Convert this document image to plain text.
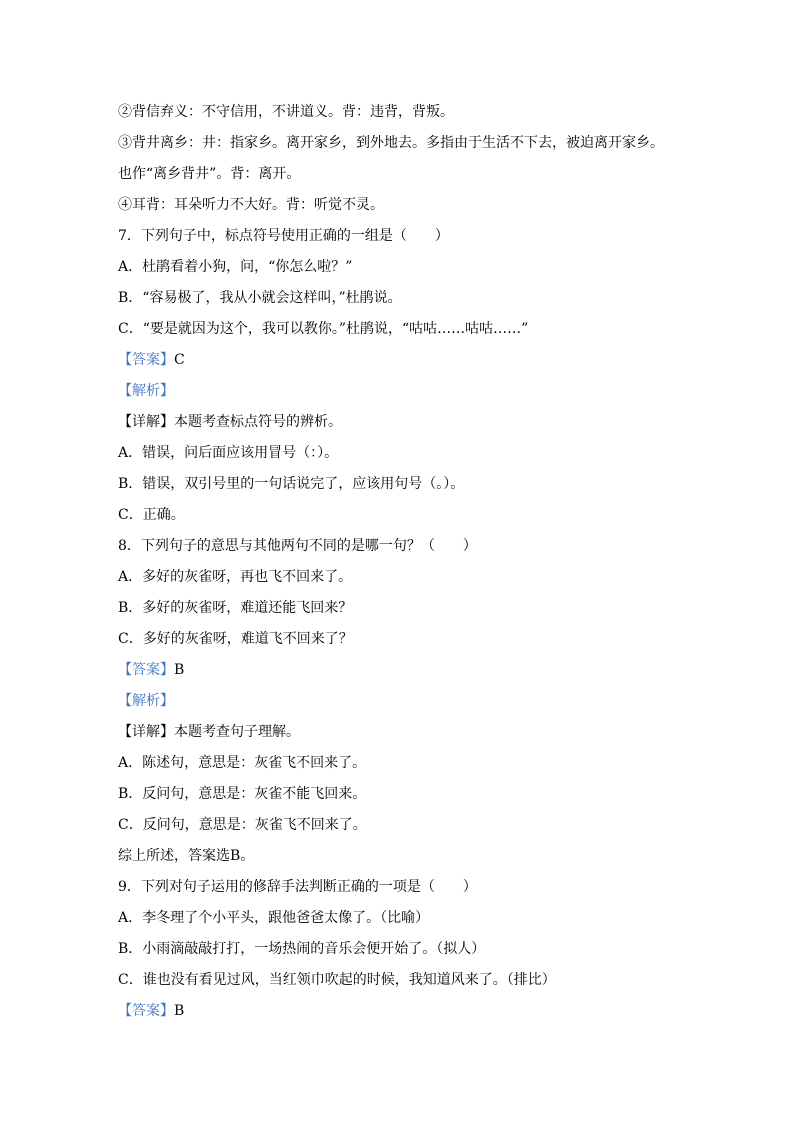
②背信弃义：不守信用，不讲道义。背：违背，背叛。
③背井离乡：井：指家乡。离开家乡，到外地去。多指由于生活不下去，被迫离开家乡。
也作“离乡背井”。背：离开。
④耳背：耳朵听力不大好。背：听觉不灵。
7．下列句子中，标点符号使用正确的一组是（　　）
A．杜鹃看着小狗，问，“你怎么啦？”
B．“容易极了，我从小就会这样叫，”杜鹃说。
C．“要是就因为这个，我可以教你。”杜鹃说，“咕咕……咕咕……”
【答案】C
【解析】
【详解】本题考查标点符号的辨析。
A．错误，问后面应该用冒号（：）。
B．错误，双引号里的一句话说完了，应该用句号（。）。
C．正确。
8．下列句子的意思与其他两句不同的是哪一句？（　　）
A．多好的灰雀呀，再也飞不回来了。
B．多好的灰雀呀，难道还能飞回来？
C．多好的灰雀呀，难道飞不回来了？
【答案】B
【解析】
【详解】本题考查句子理解。
A．陈述句，意思是：灰雀飞不回来了。
B．反问句，意思是：灰雀不能飞回来。
C．反问句，意思是：灰雀飞不回来了。
综上所述，答案选B。
9．下列对句子运用的修辞手法判断正确的一项是（　　）
A．李冬理了个小平头，跟他爸爸太像了。（比喻）
B．小雨滴敲敲打打，一场热闹的音乐会便开始了。（拟人）
C．谁也没有看见过风，当红领巾吹起的时候，我知道风来了。（排比）
【答案】B
